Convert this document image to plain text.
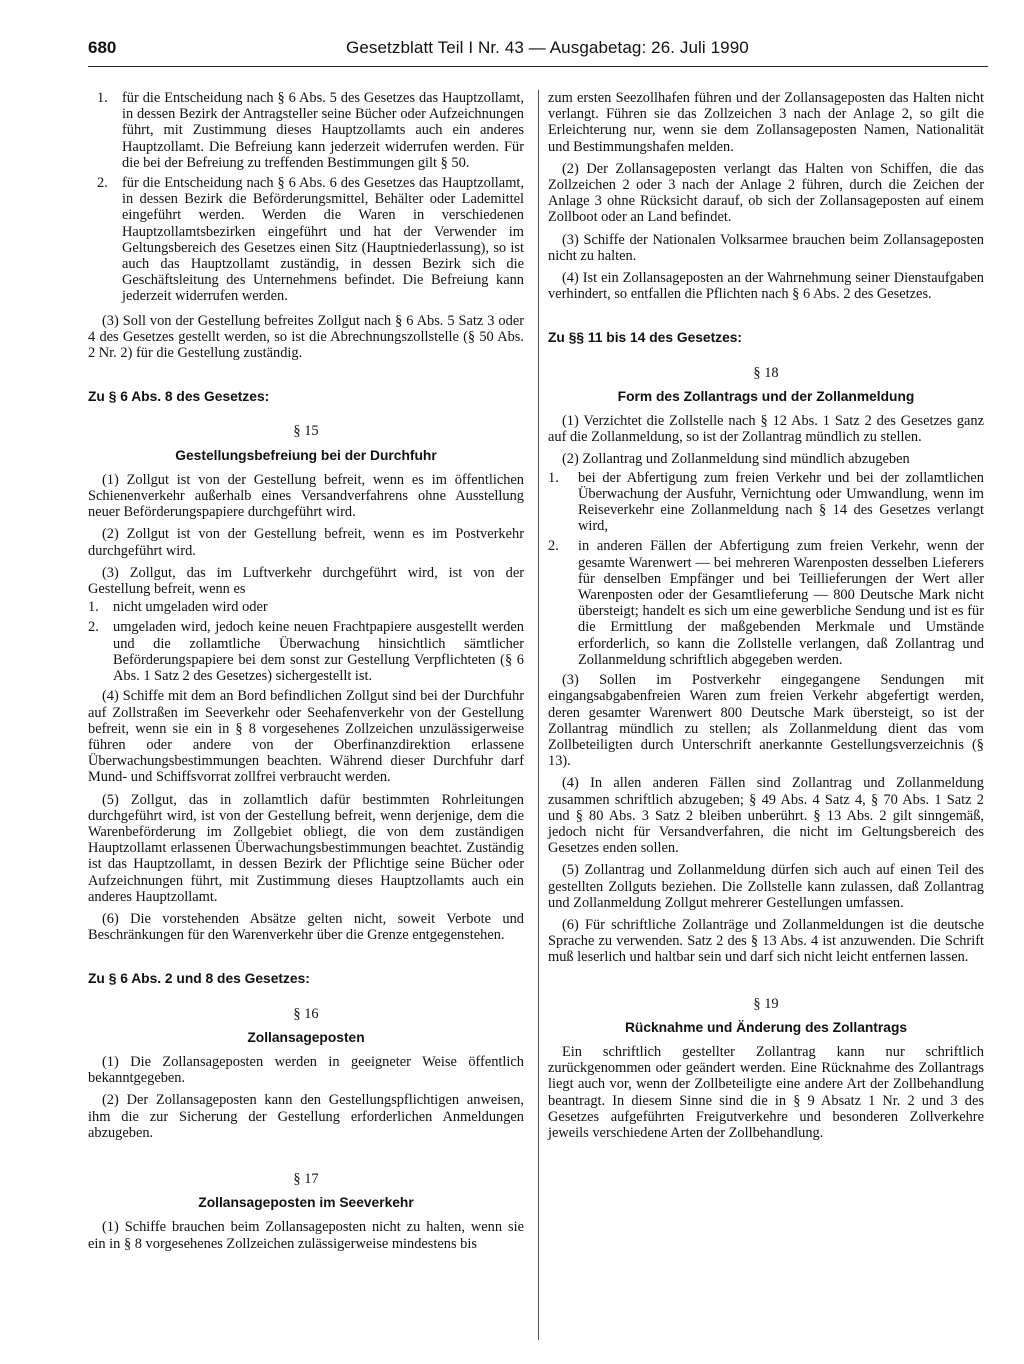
680	Gesetzblatt Teil I Nr. 43 — Ausgabetag: 26. Juli 1990
1. für die Entscheidung nach § 6 Abs. 5 des Gesetzes das Hauptzollamt, in dessen Bezirk der Antragsteller seine Bücher oder Aufzeichnungen führt, mit Zustimmung dieses Hauptzollamts auch ein anderes Hauptzollamt. Die Befreiung kann jederzeit widerrufen werden. Für die bei der Befreiung zu treffenden Bestimmungen gilt § 50.
2. für die Entscheidung nach § 6 Abs. 6 des Gesetzes das Hauptzollamt, in dessen Bezirk die Beförderungsmittel, Behälter oder Lademittel eingeführt werden. Werden die Waren in verschiedenen Hauptzollamtsbezirken eingeführt und hat der Verwender im Geltungsbereich des Gesetzes einen Sitz (Hauptniederlassung), so ist auch das Hauptzollamt zuständig, in dessen Bezirk sich die Geschäftsleitung des Unternehmens befindet. Die Befreiung kann jederzeit widerrufen werden.

(3) Soll von der Gestellung befreites Zollgut nach § 6 Abs. 5 Satz 3 oder 4 des Gesetzes gestellt werden, so ist die Abrechnungszollstelle (§ 50 Abs. 2 Nr. 2) für die Gestellung zuständig.

Zu § 6 Abs. 8 des Gesetzes:

§ 15

Gestellungsbefreiung bei der Durchfuhr

(1) Zollgut ist von der Gestellung befreit, wenn es im öffentlichen Schienenverkehr außerhalb eines Versandverfahrens ohne Ausstellung neuer Beförderungspapiere durchgeführt wird.

(2) Zollgut ist von der Gestellung befreit, wenn es im Postverkehr durchgeführt wird.

(3) Zollgut, das im Luftverkehr durchgeführt wird, ist von der Gestellung befreit, wenn es

1. nicht umgeladen wird oder
2. umgeladen wird, jedoch keine neuen Frachtpapiere ausgestellt werden und die zollamtliche Überwachung hinsichtlich sämtlicher Beförderungspapiere bei dem sonst zur Gestellung Verpflichteten (§ 6 Abs. 1 Satz 2 des Gesetzes) sichergestellt ist.

(4) Schiffe mit dem an Bord befindlichen Zollgut sind bei der Durchfuhr auf Zollstraßen im Seeverkehr oder Seehafenverkehr von der Gestellung befreit, wenn sie ein in § 8 vorgesehenes Zollzeichen unzulässigerweise führen oder andere von der Oberfinanzdirektion erlassene Überwachungsbestimmungen beachten. Während dieser Durchfuhr darf Mund- und Schiffsvorrat zollfrei verbraucht werden.

(5) Zollgut, das in zollamtlich dafür bestimmten Rohrleitungen durchgeführt wird, ist von der Gestellung befreit, wenn derjenige, dem die Warenbeförderung im Zollgebiet obliegt, die von dem zuständigen Hauptzollamt erlassenen Überwachungsbestimmungen beachtet. Zuständig ist das Hauptzollamt, in dessen Bezirk der Pflichtige seine Bücher oder Aufzeichnungen führt, mit Zustimmung dieses Hauptzollamts auch ein anderes Hauptzollamt.

(6) Die vorstehenden Absätze gelten nicht, soweit Verbote und Beschränkungen für den Warenverkehr über die Grenze entgegenstehen.

Zu § 6 Abs. 2 und 8 des Gesetzes:

§ 16

Zollansageposten

(1) Die Zollansageposten werden in geeigneter Weise öffentlich bekanntgegeben.

(2) Der Zollansageposten kann den Gestellungspflichtigen anweisen, ihm die zur Sicherung der Gestellung erforderlichen Anmeldungen abzugeben.

§ 17

Zollansageposten im Seeverkehr

(1) Schiffe brauchen beim Zollansageposten nicht zu halten, wenn sie ein in § 8 vorgesehenes Zollzeichen zulässigerweise mindestens bis

zum ersten Seezollhafen führen und der Zollansageposten das Halten nicht verlangt. Führen sie das Zollzeichen 3 nach der Anlage 2, so gilt die Erleichterung nur, wenn sie dem Zollansageposten Namen, Nationalität und Bestimmungshafen melden.

(2) Der Zollansageposten verlangt das Halten von Schiffen, die das Zollzeichen 2 oder 3 nach der Anlage 2 führen, durch die Zeichen der Anlage 3 ohne Rücksicht darauf, ob sich der Zollansageposten auf einem Zollboot oder an Land befindet.

(3) Schiffe der Nationalen Volksarmee brauchen beim Zollansageposten nicht zu halten.

(4) Ist ein Zollansageposten an der Wahrnehmung seiner Dienstaufgaben verhindert, so entfallen die Pflichten nach § 6 Abs. 2 des Gesetzes.

Zu §§ 11 bis 14 des Gesetzes:

§ 18

Form des Zollantrags und der Zollanmeldung

(1) Verzichtet die Zollstelle nach § 12 Abs. 1 Satz 2 des Gesetzes ganz auf die Zollanmeldung, so ist der Zollantrag mündlich zu stellen.

(2) Zollantrag und Zollanmeldung sind mündlich abzugeben

1.	bei der Abfertigung zum freien Verkehr und bei der zollamtlichen Überwachung der Ausfuhr, Vernichtung oder Umwandlung, wenn im Reiseverkehr eine Zollanmeldung nach § 14 des Gesetzes verlangt wird,
2.	in anderen Fällen der Abfertigung zum freien Verkehr, wenn der gesamte Warenwert — bei mehreren Warenposten desselben Lieferers für denselben Empfänger und bei Teillieferungen der Wert aller Warenposten oder der Gesamtlieferung — 800 Deutsche Mark nicht übersteigt; handelt es sich um eine gewerbliche Sendung und ist es für die Ermittlung der maßgebenden Merkmale und Umstände erforderlich, so kann die Zollstelle verlangen, daß Zollantrag und Zollanmeldung schriftlich abgegeben werden.

(3) Sollen im Postverkehr eingegangene Sendungen mit eingangsabgabenfreien Waren zum freien Verkehr abgefertigt werden, deren gesamter Warenwert 800 Deutsche Mark übersteigt, so ist der Zollantrag mündlich zu stellen; als Zollanmeldung dient das vom Zollbeteiligten durch Unterschrift anerkannte Gestellungsverzeichnis (§ 13).

(4) In allen anderen Fällen sind Zollantrag und Zollanmeldung zusammen schriftlich abzugeben; § 49 Abs. 4 Satz 4, § 70 Abs. 1 Satz 2 und § 80 Abs. 3 Satz 2 bleiben unberührt. § 13 Abs. 2 gilt sinngemäß, jedoch nicht für Versandverfahren, die nicht im Geltungsbereich des Gesetzes enden sollen.

(5) Zollantrag und Zollanmeldung dürfen sich auch auf einen Teil des gestellten Zollguts beziehen. Die Zollstelle kann zulassen, daß Zollantrag und Zollanmeldung Zollgut mehrerer Gestellungen umfassen.

(6) Für schriftliche Zollanträge und Zollanmeldungen ist die deutsche Sprache zu verwenden. Satz 2 des § 13 Abs. 4 ist anzuwenden. Die Schrift muß leserlich und haltbar sein und darf sich nicht leicht entfernen lassen.

§ 19

Rücknahme und Änderung des Zollantrags

Ein schriftlich gestellter Zollantrag kann nur schriftlich zurückgenommen oder geändert werden. Eine Rücknahme des Zollantrags liegt auch vor, wenn der Zollbeteiligte eine andere Art der Zollbehandlung beantragt. In diesem Sinne sind die in § 9 Absatz 1 Nr. 2 und 3 des Gesetzes aufgeführten Freigutverkehre und besonderen Zollverkehre jeweils verschiedene Arten der Zollbehandlung.
